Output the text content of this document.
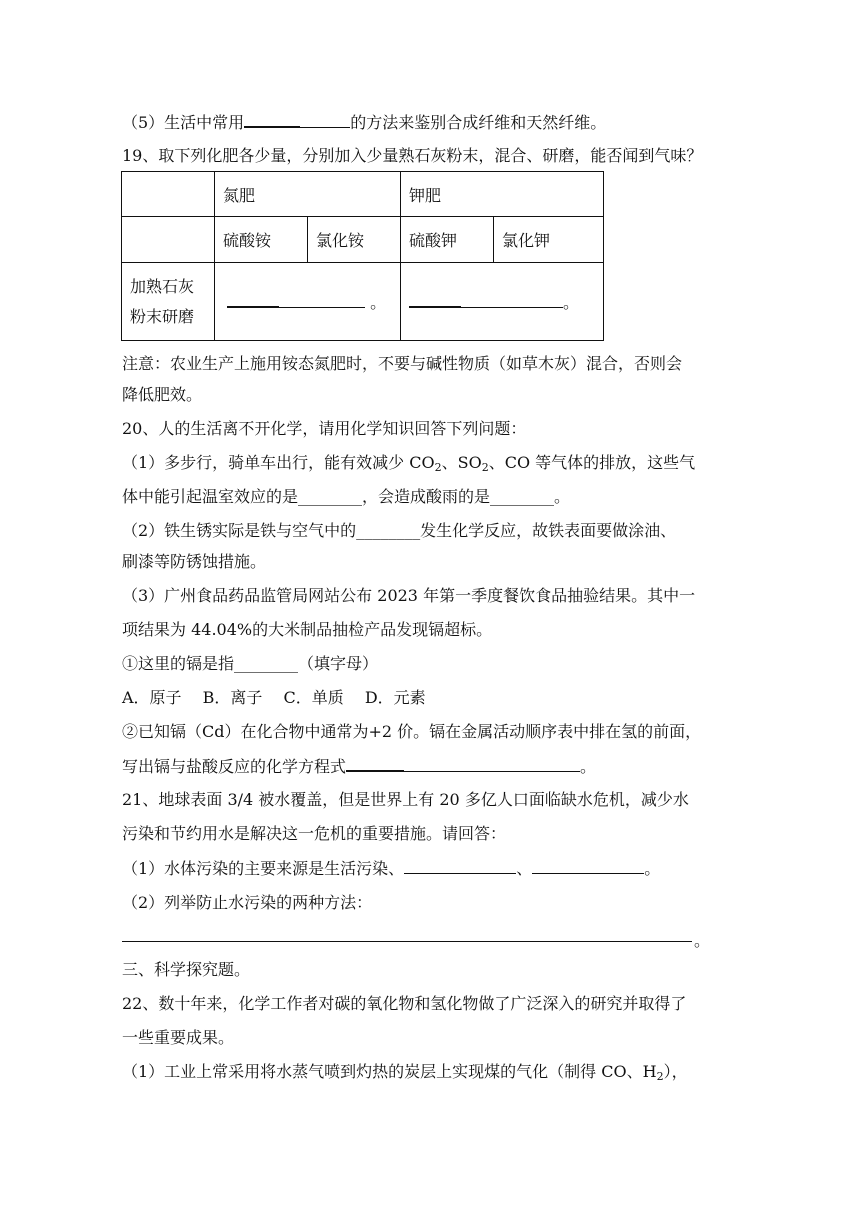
（5）生活中常用	的方法来鉴别合成纤维和天然纤维。
19、取下列化肥各少量，分别加入少量熟石灰粉末，混合、研磨，能否闻到气味？
	氮肥		钾肥	
	硫酸铵	氯化铵	硫酸钾	氯化钾

加熟石灰
粉末研磨	。		。	
注意：农业生产上施用铵态氮肥时，不要与碱性物质（如草木灰）混合，否则会
降低肥效。
20、人的生活离不开化学，请用化学知识回答下列问题：
（1）多步行，骑单车出行，能有效减少 $CO_2$、$SO_2$、CO 等气体的排放，这些气
体中能引起温室效应的是________，会造成酸雨的是________。
（2）铁生锈实际是铁与空气中的________发生化学反应，故铁表面要做涂油、
刷漆等防锈蚀措施。
（3）广州食品药品监管局网站公布 2023 年第一季度餐饮食品抽验结果。其中一
项结果为 44.04%的大米制品抽检产品发现镉超标。
①这里的镉是指________（填字母）
A．原子　 B．离子　 C．单质　 D．元素
②已知镉（Cd）在化合物中通常为+2 价。镉在金属活动顺序表中排在氢的前面，
写出镉与盐酸反应的化学方程式	。
21、地球表面 3/4 被水覆盖，但是世界上有 20 多亿人口面临缺水危机，减少水
污染和节约用水是解决这一危机的重要措施。请回答：
（1）水体污染的主要来源是生活污染、	、	。
（2）列举防止水污染的两种方法：
。
三、科学探究题。
22、数十年来，化学工作者对碳的氧化物和氢化物做了广泛深入的研究并取得了
一些重要成果。
（1）工业上常采用将水蒸气喷到灼热的炭层上实现煤的气化（制得 CO、$H_2$），
